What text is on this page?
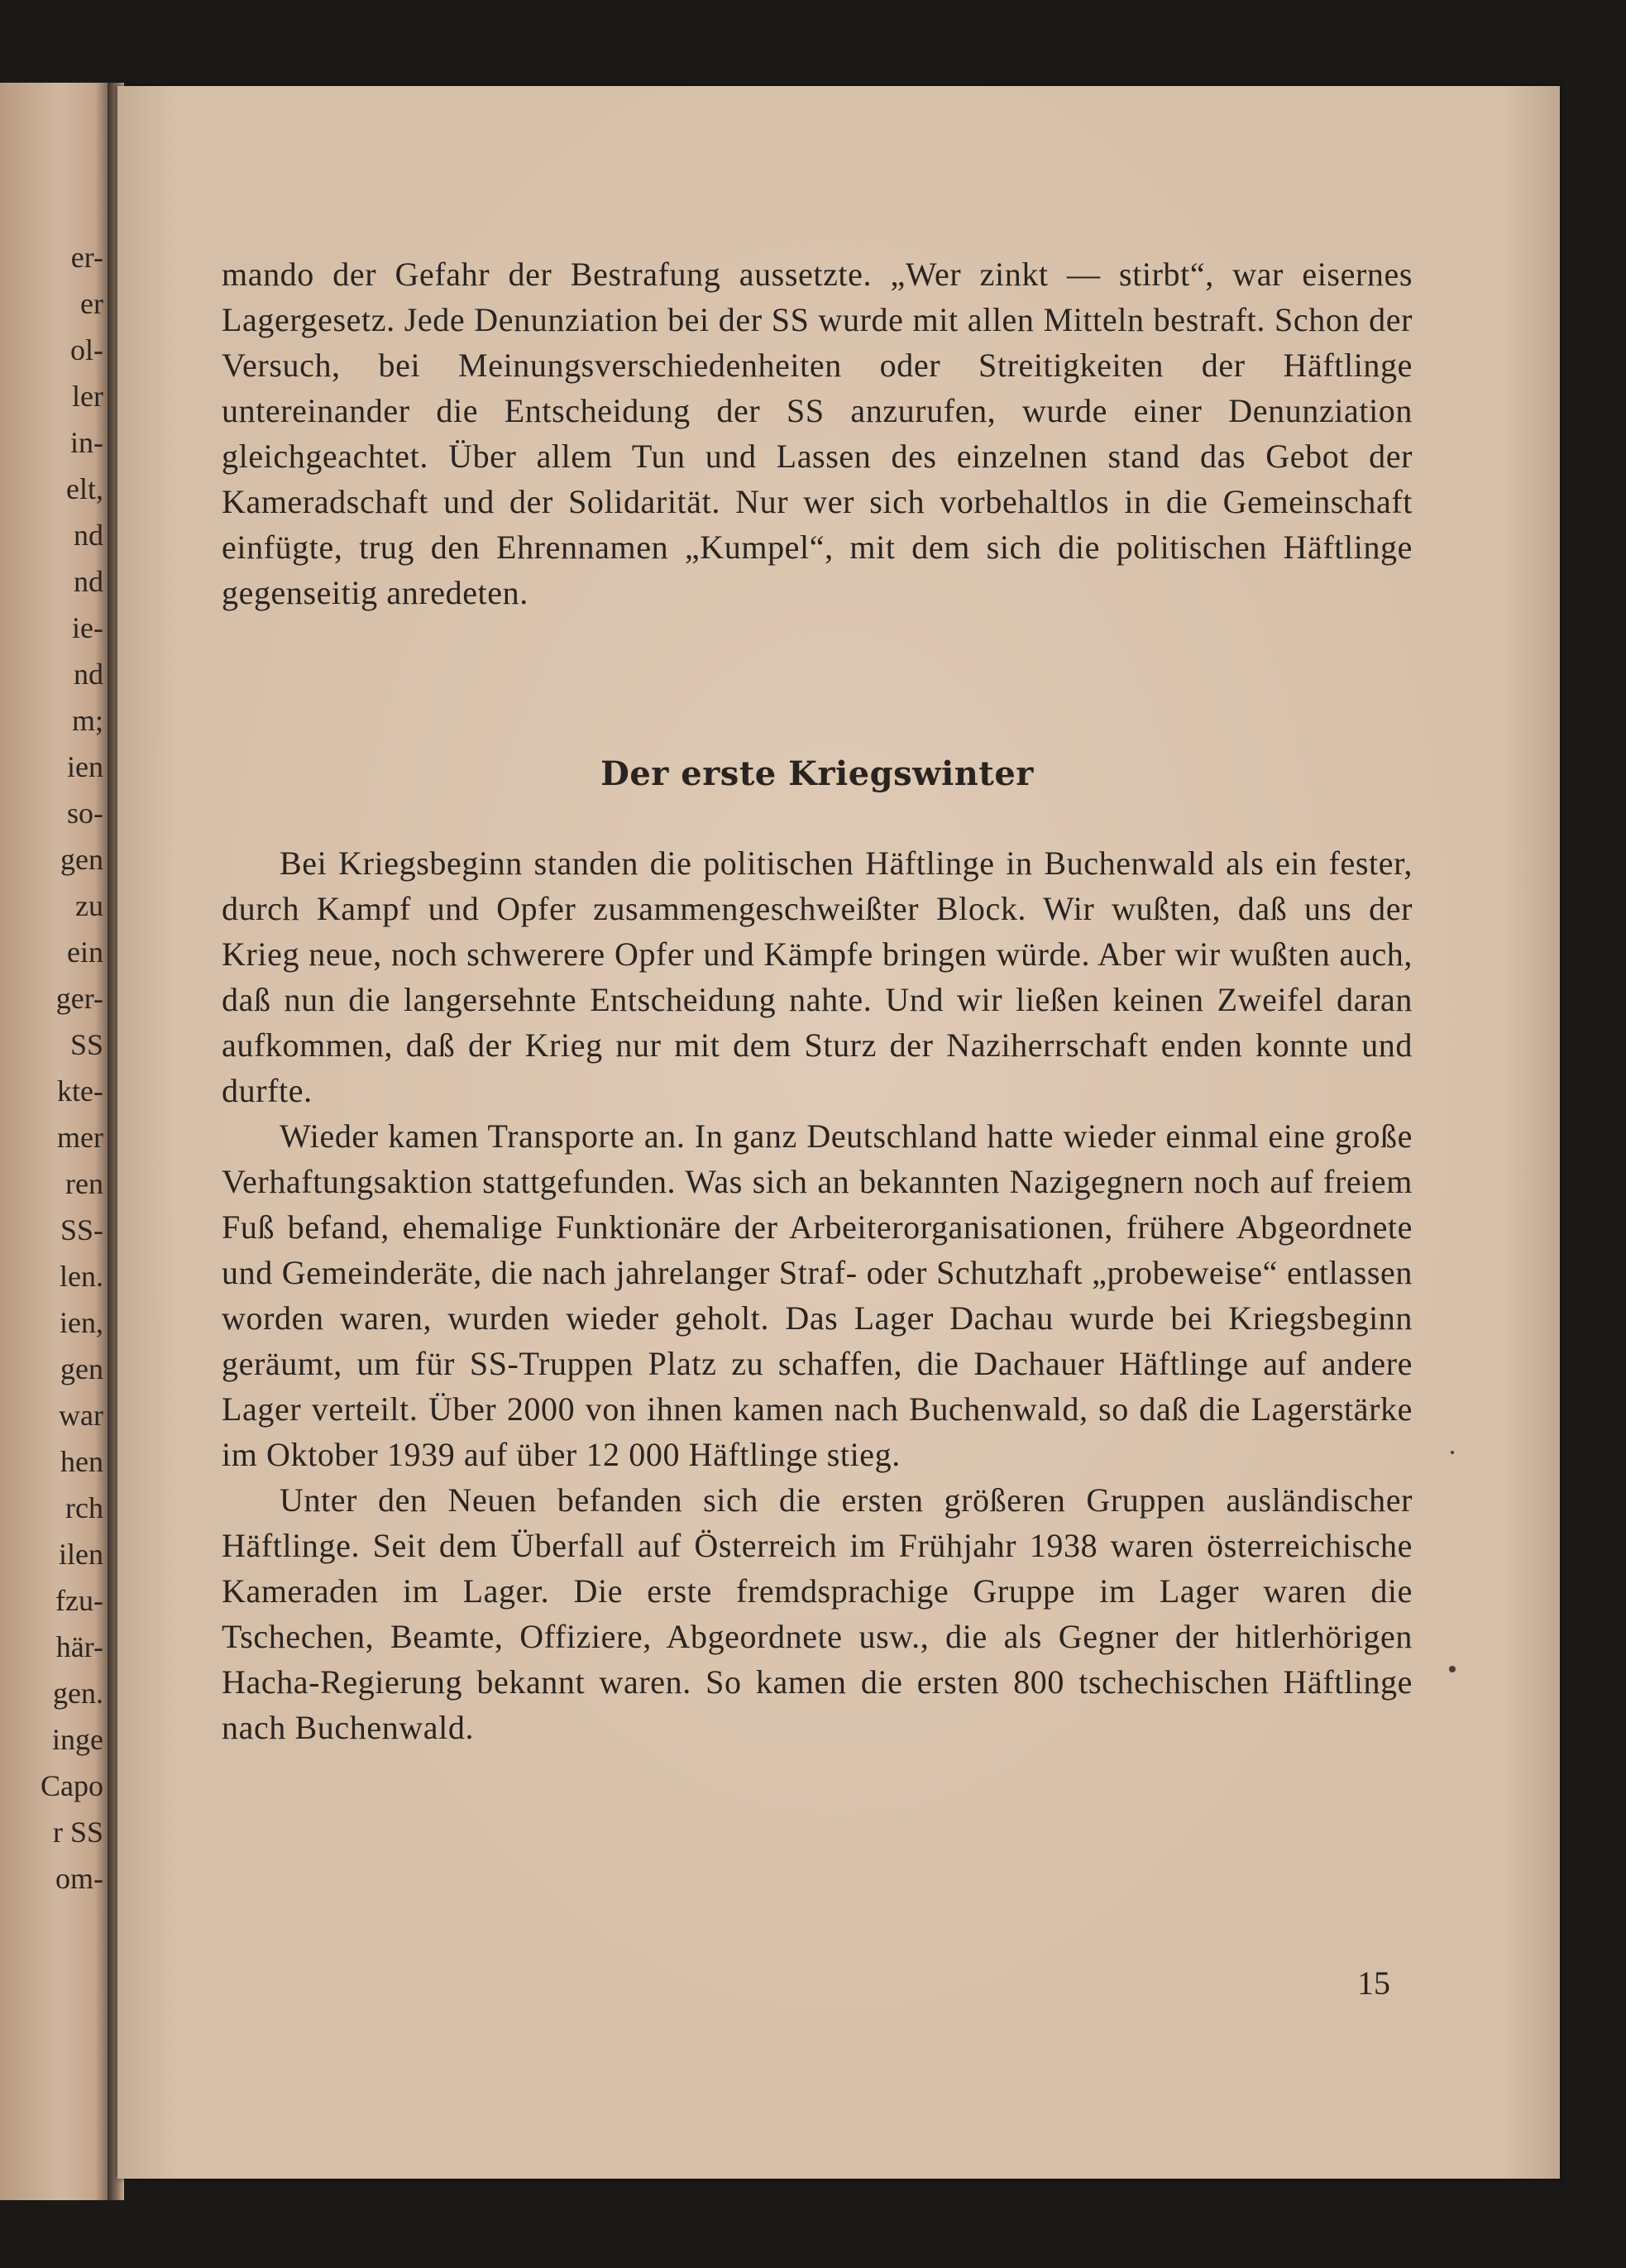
er-
er
ol-
ler
in-
elt,
nd
nd
ie-
nd
m;
ien
so-
gen
zu
ein
ger-
SS
kte-
mer
ren
SS-
len.
ien,
gen
war
hen
rch
ilen
fzu-
här-
gen.
inge
Capo
r SS
om-

mando der Gefahr der Bestrafung aussetzte. „Wer zinkt — stirbt“, war eisernes Lagergesetz. Jede Denunziation bei der SS wurde mit allen Mitteln bestraft. Schon der Versuch, bei Meinungsverschiedenheiten oder Streitigkeiten der Häftlinge untereinander die Entscheidung der SS anzurufen, wurde einer Denunziation gleichgeachtet. Über allem Tun und Lassen des einzelnen stand das Gebot der Kameradschaft und der Solidarität. Nur wer sich vorbehaltlos in die Gemeinschaft einfügte, trug den Ehrennamen „Kumpel“, mit dem sich die politischen Häftlinge gegenseitig anredeten.

Der erste Kriegswinter

Bei Kriegsbeginn standen die politischen Häftlinge in Buchenwald als ein fester, durch Kampf und Opfer zusammengeschweißter Block. Wir wußten, daß uns der Krieg neue, noch schwerere Opfer und Kämpfe bringen würde. Aber wir wußten auch, daß nun die langersehnte Entscheidung nahte. Und wir ließen keinen Zweifel daran aufkommen, daß der Krieg nur mit dem Sturz der Naziherrschaft enden konnte und durfte.

Wieder kamen Transporte an. In ganz Deutschland hatte wieder einmal eine große Verhaftungsaktion stattgefunden. Was sich an bekannten Nazigegnern noch auf freiem Fuß befand, ehemalige Funktionäre der Arbeiterorganisationen, frühere Abgeordnete und Gemeinderäte, die nach jahrelanger Straf- oder Schutzhaft „probeweise“ entlassen worden waren, wurden wieder geholt. Das Lager Dachau wurde bei Kriegsbeginn geräumt, um für SS-Truppen Platz zu schaffen, die Dachauer Häftlinge auf andere Lager verteilt. Über 2000 von ihnen kamen nach Buchenwald, so daß die Lagerstärke im Oktober 1939 auf über 12 000 Häftlinge stieg.

Unter den Neuen befanden sich die ersten größeren Gruppen ausländischer Häftlinge. Seit dem Überfall auf Österreich im Frühjahr 1938 waren österreichische Kameraden im Lager. Die erste fremdsprachige Gruppe im Lager waren die Tschechen, Beamte, Offiziere, Abgeordnete usw., die als Gegner der hitlerhörigen Hacha-Regierung bekannt waren. So kamen die ersten 800 tschechischen Häftlinge nach Buchenwald.

15
